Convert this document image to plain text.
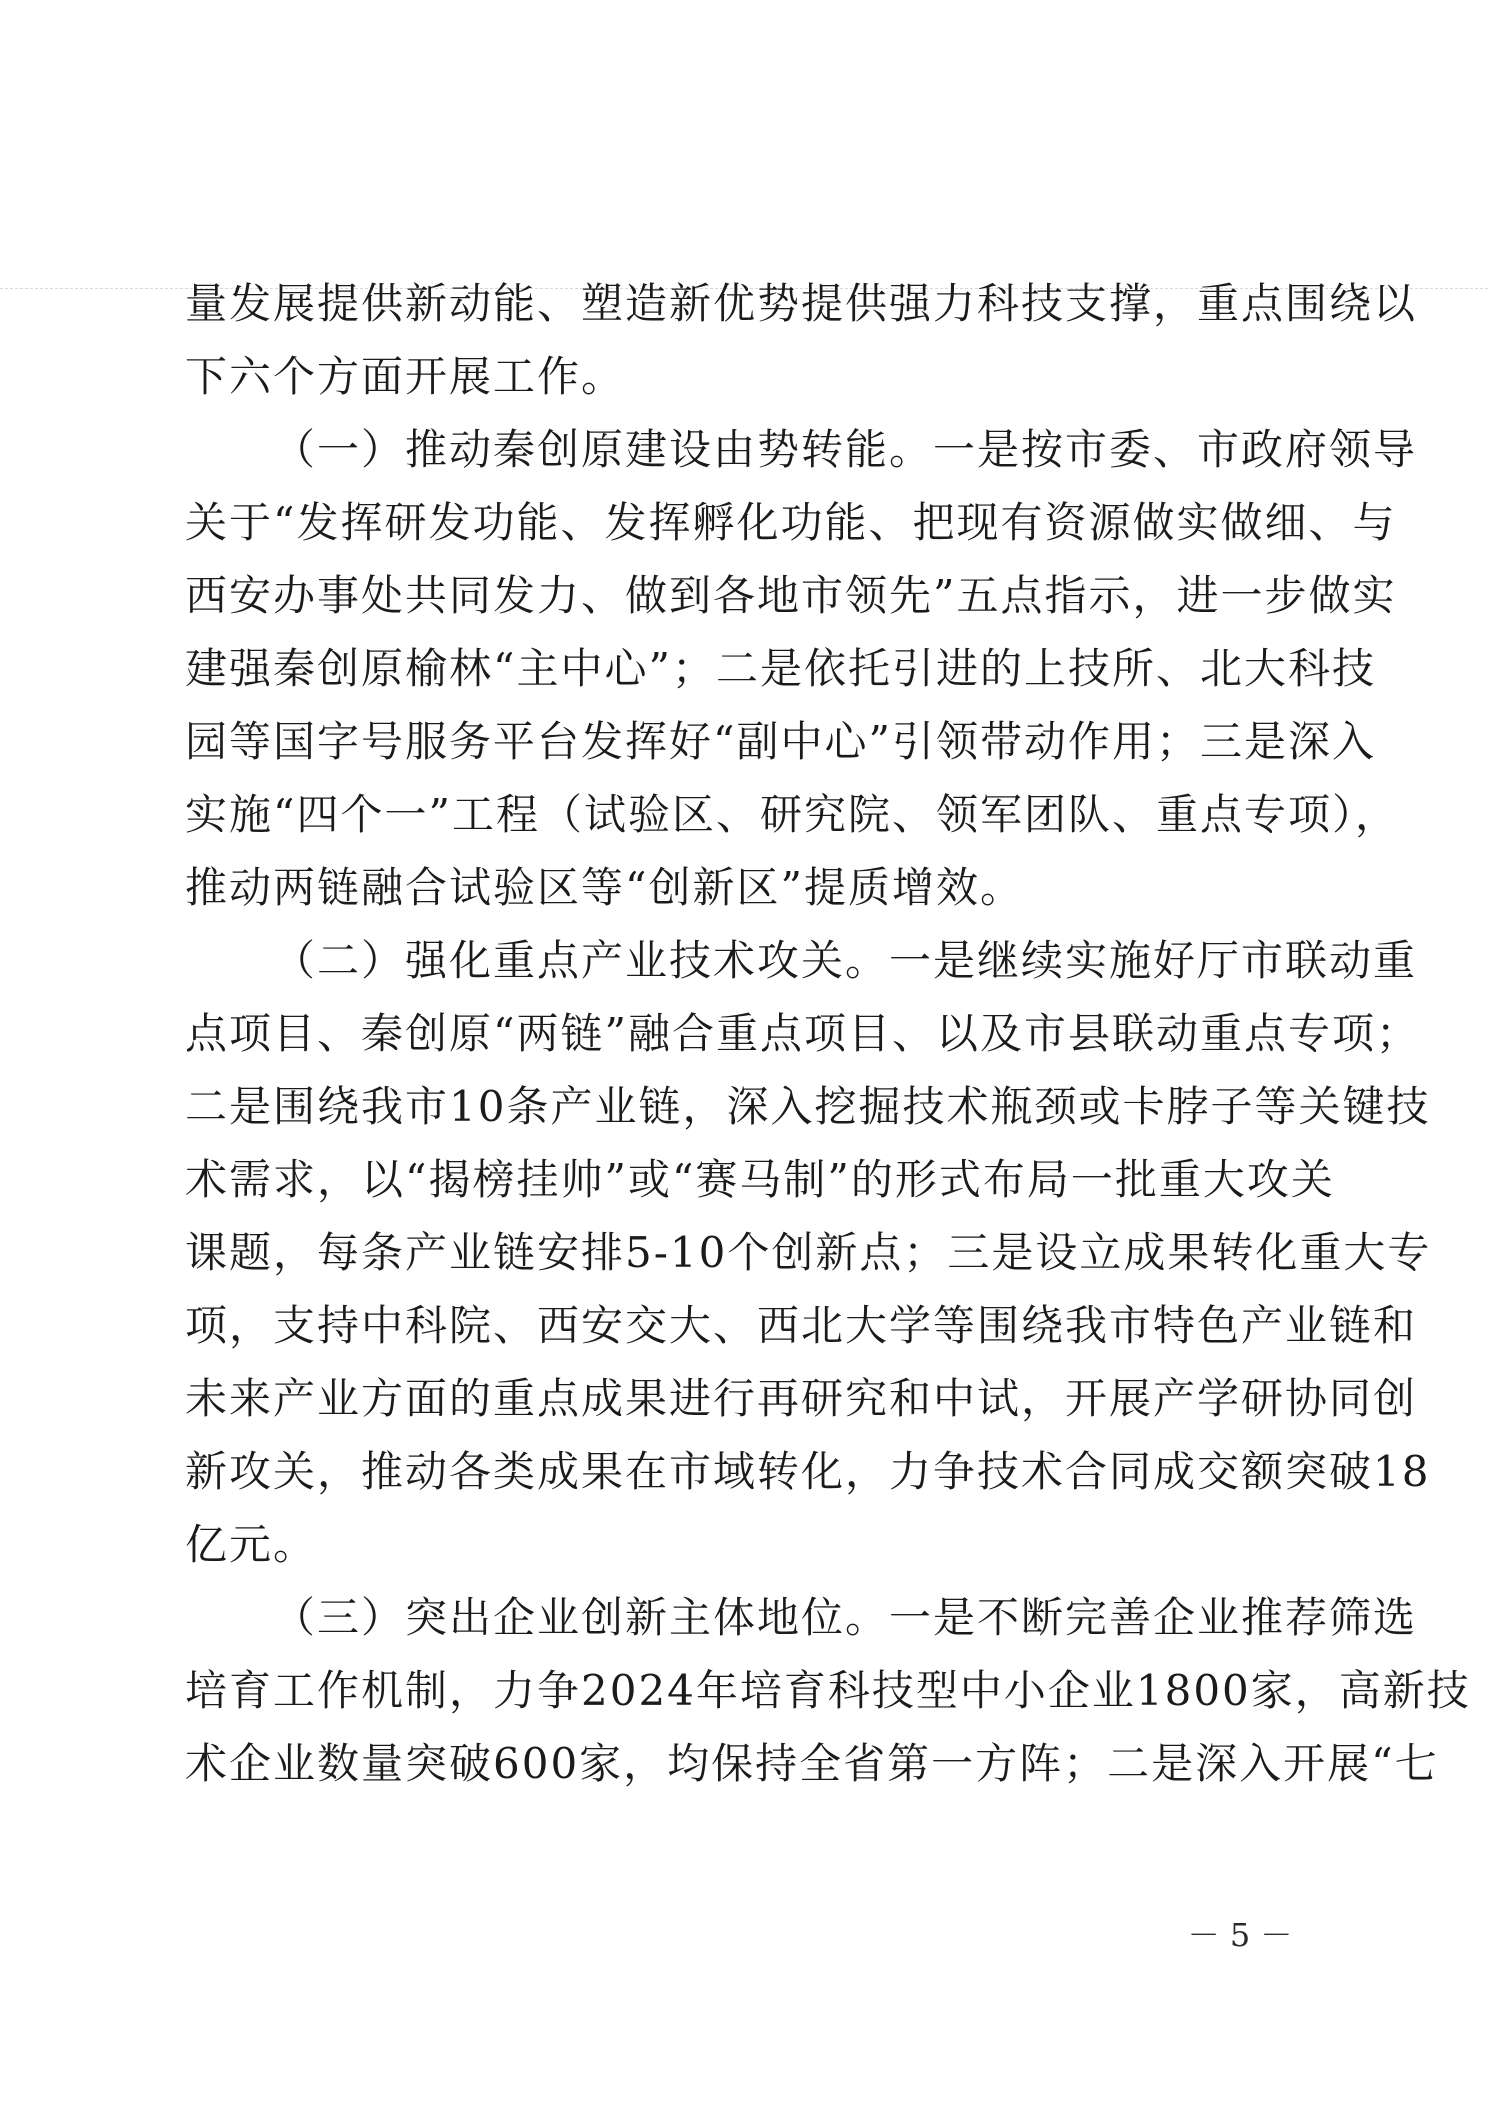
量发展提供新动能、塑造新优势提供强力科技支撑，重点围绕以
下六个方面开展工作。
（一）推动秦创原建设由势转能。一是按市委、市政府领导
关于“发挥研发功能、发挥孵化功能、把现有资源做实做细、与
西安办事处共同发力、做到各地市领先”五点指示，进一步做实
建强秦创原榆林“主中心”；二是依托引进的上技所、北大科技
园等国字号服务平台发挥好“副中心”引领带动作用；三是深入
实施“四个一”工程（试验区、研究院、领军团队、重点专项），
推动两链融合试验区等“创新区”提质增效。
（二）强化重点产业技术攻关。一是继续实施好厅市联动重
点项目、秦创原“两链”融合重点项目、以及市县联动重点专项；
二是围绕我市10条产业链，深入挖掘技术瓶颈或卡脖子等关键技
术需求，以“揭榜挂帅”或“赛马制”的形式布局一批重大攻关
课题，每条产业链安排5-10个创新点；三是设立成果转化重大专
项，支持中科院、西安交大、西北大学等围绕我市特色产业链和
未来产业方面的重点成果进行再研究和中试，开展产学研协同创
新攻关，推动各类成果在市域转化，力争技术合同成交额突破18
亿元。
（三）突出企业创新主体地位。一是不断完善企业推荐筛选
培育工作机制，力争2024年培育科技型中小企业1800家，高新技
术企业数量突破600家，均保持全省第一方阵；二是深入开展“七
－ 5 －
